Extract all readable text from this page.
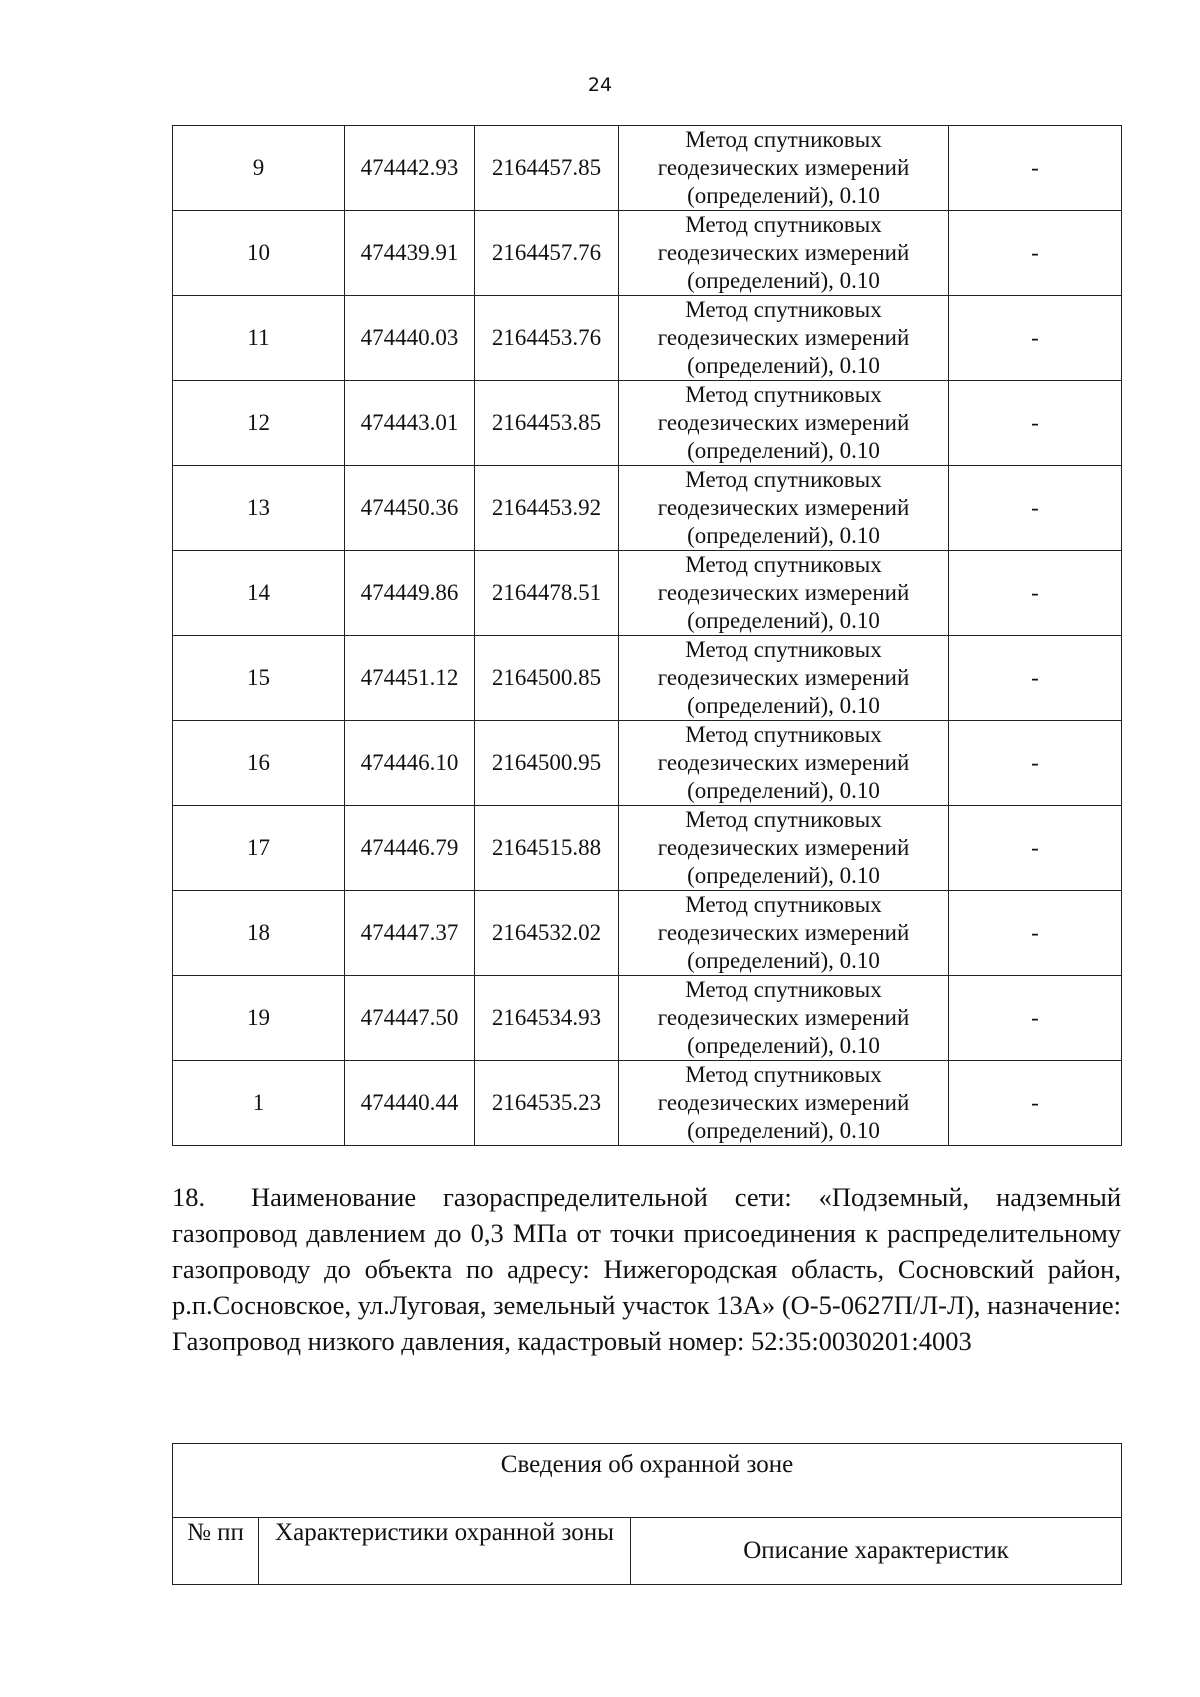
24
9	474442.93	2164457.85	Метод спутниковых
геодезических измерений
(определений), 0.10	-
10	474439.91	2164457.76	Метод спутниковых
геодезических измерений
(определений), 0.10	-
11	474440.03	2164453.76	Метод спутниковых
геодезических измерений
(определений), 0.10	-
12	474443.01	2164453.85	Метод спутниковых
геодезических измерений
(определений), 0.10	-
13	474450.36	2164453.92	Метод спутниковых
геодезических измерений
(определений), 0.10	-
14	474449.86	2164478.51	Метод спутниковых
геодезических измерений
(определений), 0.10	-
15	474451.12	2164500.85	Метод спутниковых
геодезических измерений
(определений), 0.10	-
16	474446.10	2164500.95	Метод спутниковых
геодезических измерений
(определений), 0.10	-
17	474446.79	2164515.88	Метод спутниковых
геодезических измерений
(определений), 0.10	-
18	474447.37	2164532.02	Метод спутниковых
геодезических измерений
(определений), 0.10	-
19	474447.50	2164534.93	Метод спутниковых
геодезических измерений
(определений), 0.10	-
1	474440.44	2164535.23	Метод спутниковых
геодезических измерений
(определений), 0.10	-

18. Наименование газораспределительной сети: «Подземный, надземный газопровод давлением до 0,3 МПа от точки присоединения к распределительному газопроводу до объекта по адресу: Нижегородская область, Сосновский район, р.п.Сосновское, ул.Луговая, земельный участок 13А» (О-5-0627П/Л-Л), назначение: Газопровод низкого давления, кадастровый номер: 52:35:0030201:4003

Сведения об охранной зоне
№ пп	Характеристики охранной зоны	Описание характеристик
